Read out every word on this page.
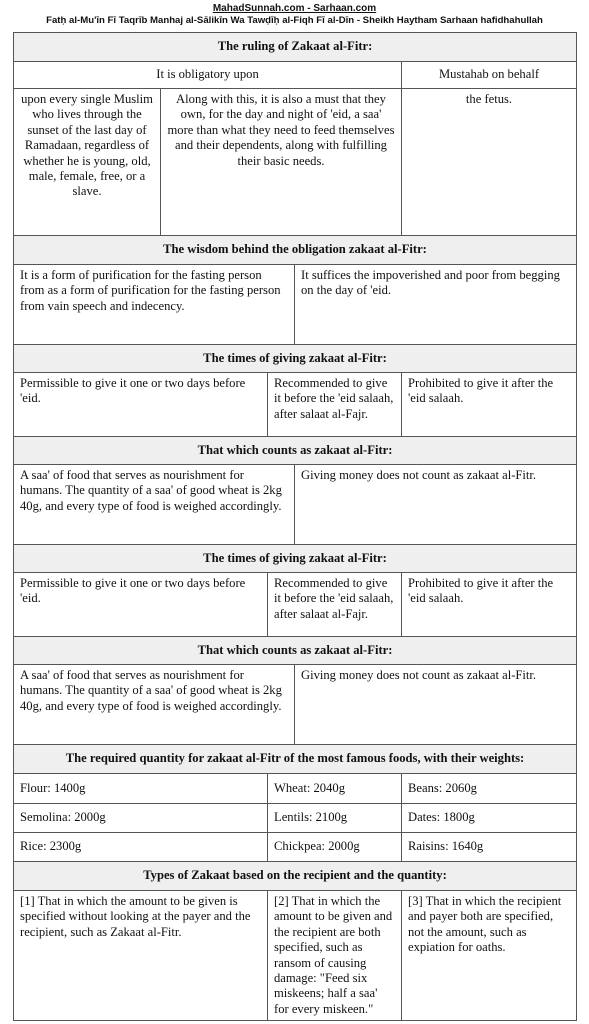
MahadSunnah.com - Sarhaan.com
Fatḥ al-Mu'īn Fī Taqrīb Manhaj al-Sālikīn Wa Tawḍīḥ al-Fiqh Fī al-Dīn - Sheikh Haytham Sarhaan hafidhahullah
The ruling of Zakaat al-Fitr:				
It is obligatory upon				Mustahab on behalf
upon every single Muslim who lives through the sunset of the last day of Ramadaan, regardless of whether he is young, old, male, female, free, or a slave.	Along with this, it is also a must that they own, for the day and night of 'eid, a saa' more than what they need to feed themselves and their dependents, along with fulfilling their basic needs.			the fetus.
The wisdom behind the obligation zakaat al-Fitr:				
It is a form of purification for the fasting person from as a form of purification for the fasting person from vain speech and indecency.			It suffices the impoverished and poor from begging on the day of 'eid.	
The times of giving zakaat al-Fitr:				
Permissible to give it one or two days before 'eid.		Recommended to give it before the 'eid salaah, after salaat al-Fajr.		Prohibited to give it after the 'eid salaah.
That which counts as zakaat al-Fitr:				
A saa' of food that serves as nourishment for humans. The quantity of a saa' of good wheat is 2kg 40g, and every type of food is weighed accordingly.			Giving money does not count as zakaat al-Fitr.	
The times of giving zakaat al-Fitr:				
Permissible to give it one or two days before 'eid.		Recommended to give it before the 'eid salaah, after salaat al-Fajr.		Prohibited to give it after the 'eid salaah.
That which counts as zakaat al-Fitr:				
A saa' of food that serves as nourishment for humans. The quantity of a saa' of good wheat is 2kg 40g, and every type of food is weighed accordingly.			Giving money does not count as zakaat al-Fitr.	
The required quantity for zakaat al-Fitr of the most famous foods, with their weights:				
Flour: 1400g		Wheat: 2040g		Beans: 2060g
Semolina: 2000g		Lentils: 2100g		Dates: 1800g
Rice: 2300g		Chickpea: 2000g		Raisins: 1640g
Types of Zakaat based on the recipient and the quantity:				
[1] That in which the amount to be given is specified without looking at the payer and the recipient, such as Zakaat al-Fitr.		[2] That in which the amount to be given and the recipient are both specified, such as ransom of causing damage: "Feed six miskeens; half a saa' for every miskeen."		[3] That in which the recipient and payer both are specified, not the amount, such as expiation for oaths.
